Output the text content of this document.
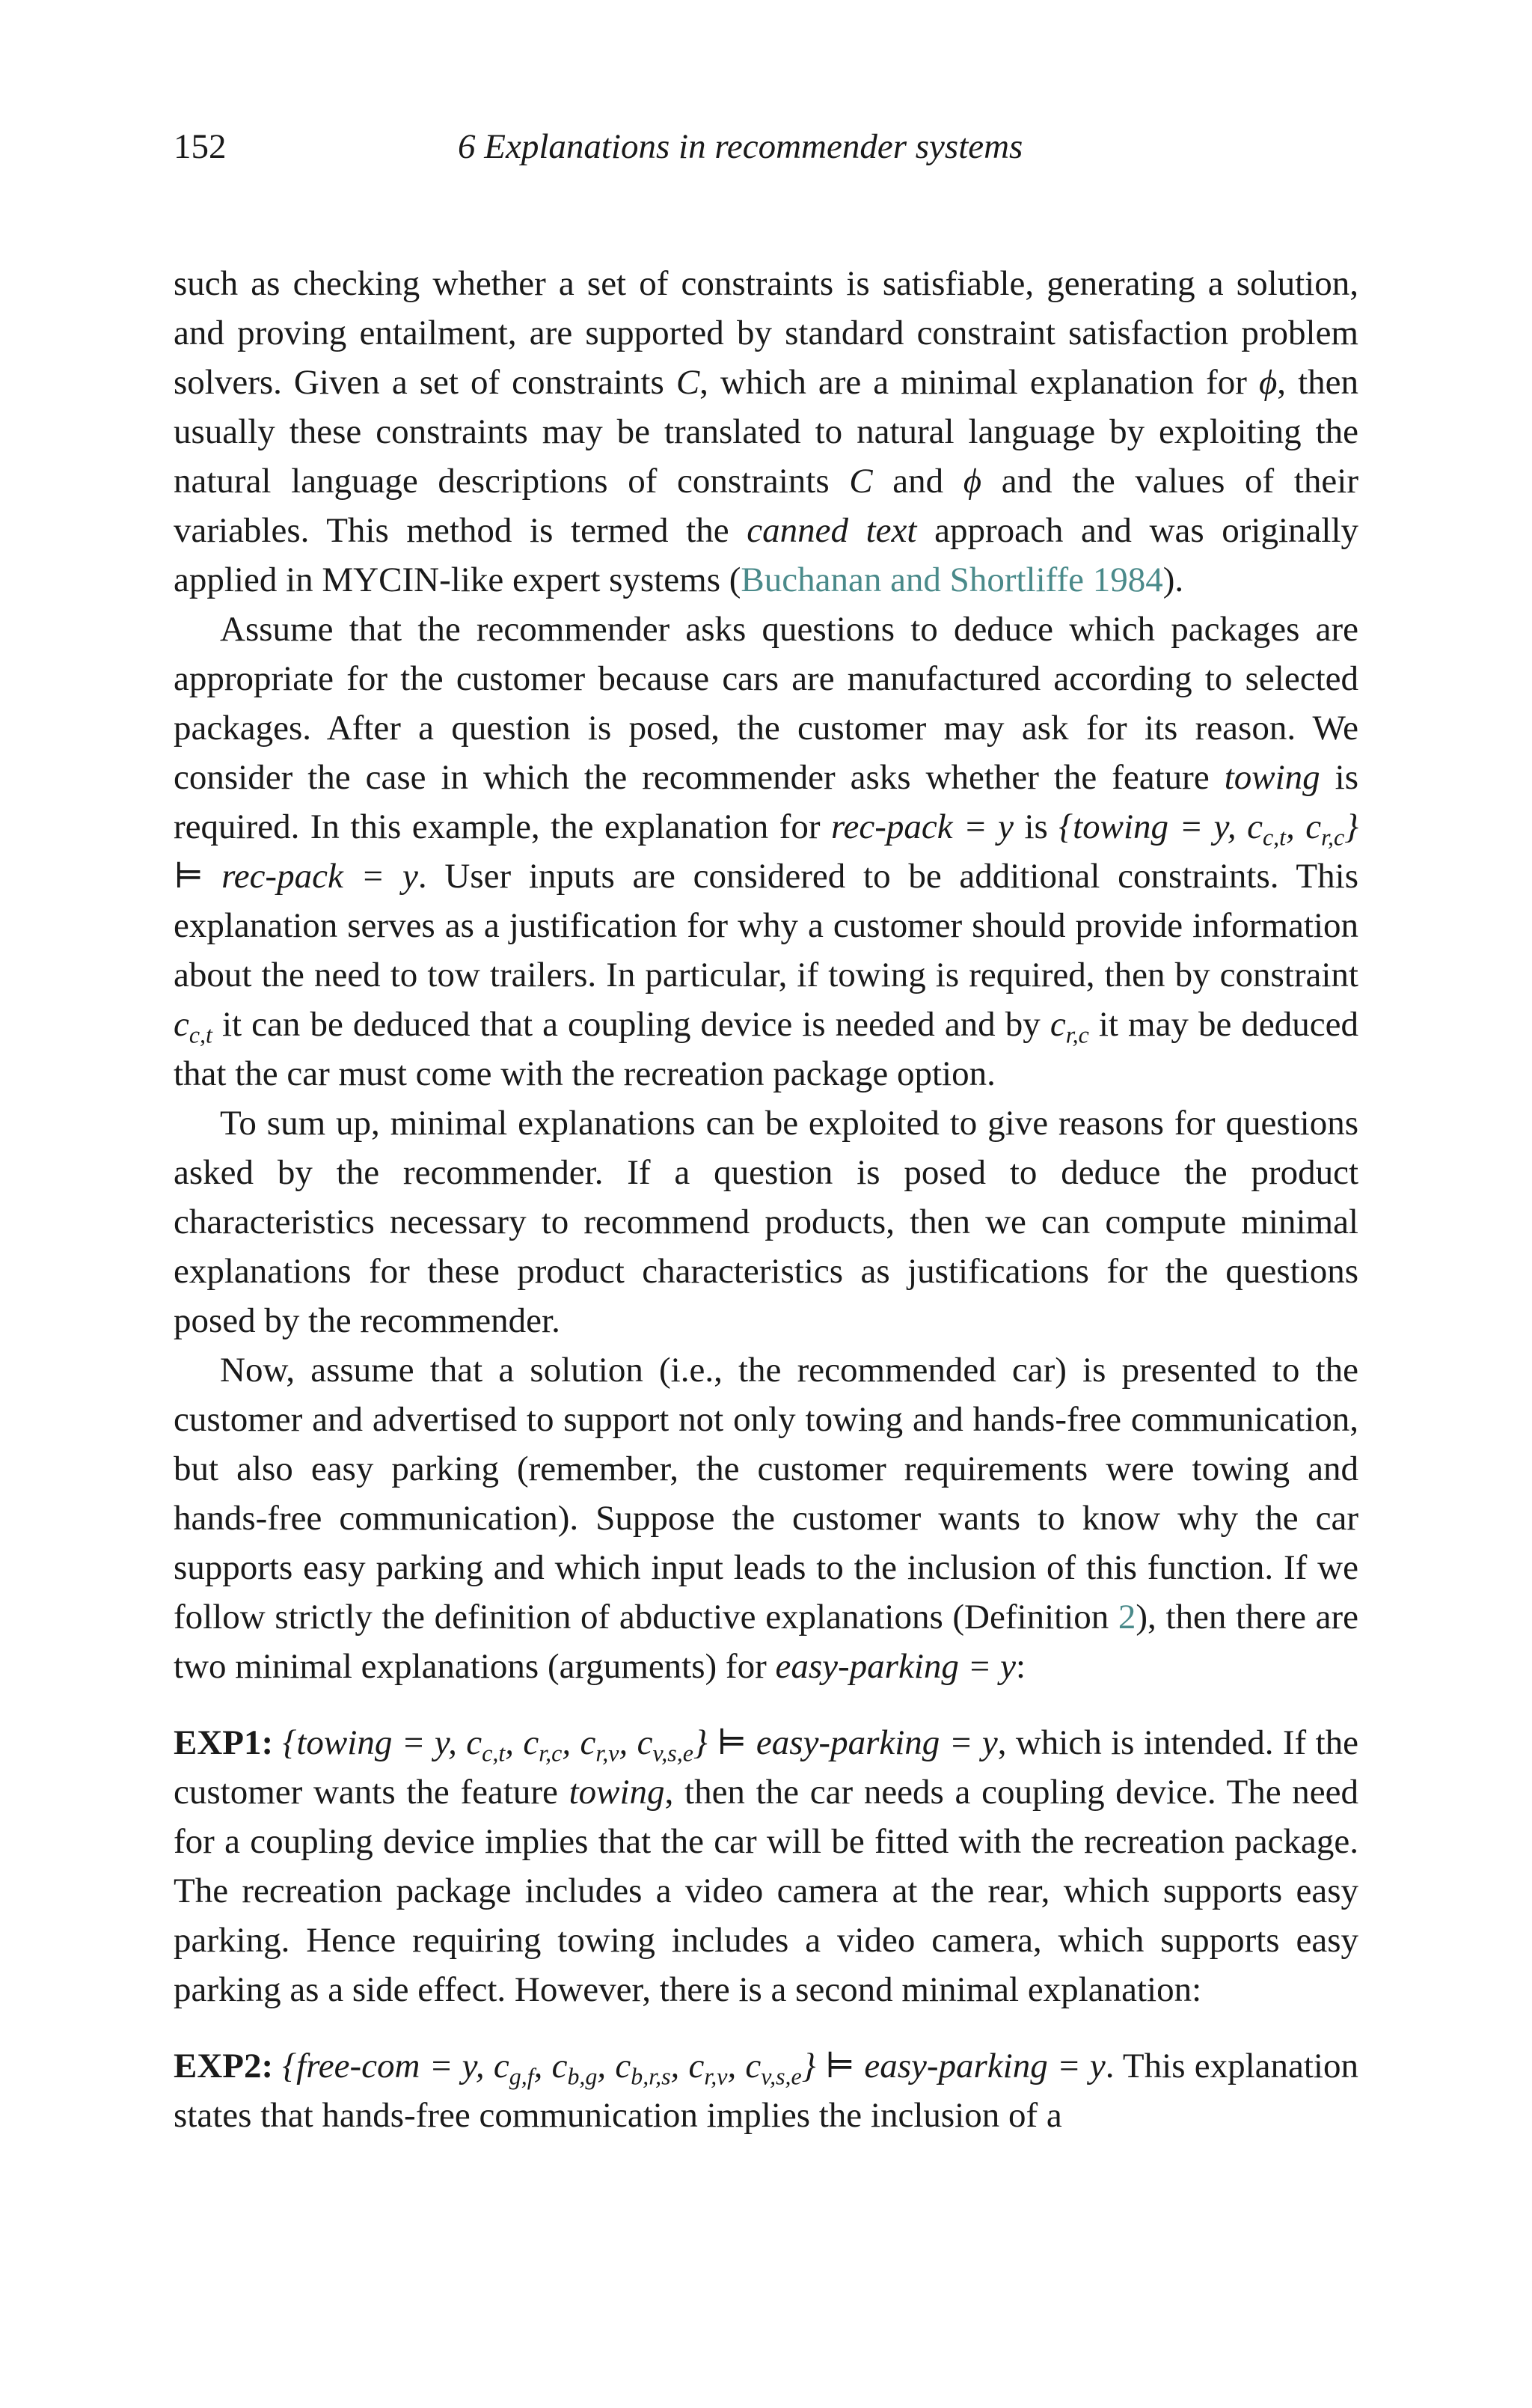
152	6 Explanations in recommender systems

such as checking whether a set of constraints is satisfiable, generating a solution, and proving entailment, are supported by standard constraint satisfaction problem solvers. Given a set of constraints C, which are a minimal explanation for ϕ, then usually these constraints may be translated to natural language by exploiting the natural language descriptions of constraints C and ϕ and the values of their variables. This method is termed the canned text approach and was originally applied in MYCIN-like expert systems (Buchanan and Shortliffe 1984).

Assume that the recommender asks questions to deduce which packages are appropriate for the customer because cars are manufactured according to selected packages. After a question is posed, the customer may ask for its reason. We consider the case in which the recommender asks whether the feature towing is required. In this example, the explanation for rec-pack = y is {towing = y, $c_{c,t}$, $c_{r,c}$} ⊨ rec-pack = y. User inputs are considered to be additional constraints. This explanation serves as a justification for why a customer should provide information about the need to tow trailers. In particular, if towing is required, then by constraint $c_{c,t}$ it can be deduced that a coupling device is needed and by $c_{r,c}$ it may be deduced that the car must come with the recreation package option.

To sum up, minimal explanations can be exploited to give reasons for questions asked by the recommender. If a question is posed to deduce the product characteristics necessary to recommend products, then we can compute minimal explanations for these product characteristics as justifications for the questions posed by the recommender.

Now, assume that a solution (i.e., the recommended car) is presented to the customer and advertised to support not only towing and hands-free communication, but also easy parking (remember, the customer requirements were towing and hands-free communication). Suppose the customer wants to know why the car supports easy parking and which input leads to the inclusion of this function. If we follow strictly the definition of abductive explanations (Definition 2), then there are two minimal explanations (arguments) for easy-parking = y:

EXP1: {towing = y, $c_{c,t}$, $c_{r,c}$, $c_{r,v}$, $c_{v,s,e}$} ⊨ easy-parking = y, which is intended. If the customer wants the feature towing, then the car needs a coupling device. The need for a coupling device implies that the car will be fitted with the recreation package. The recreation package includes a video camera at the rear, which supports easy parking. Hence requiring towing includes a video camera, which supports easy parking as a side effect. However, there is a second minimal explanation:

EXP2: {free-com = y, $c_{g,f}$, $c_{b,g}$, $c_{b,r,s}$, $c_{r,v}$, $c_{v,s,e}$} ⊨ easy-parking = y. This explanation states that hands-free communication implies the inclusion of a
